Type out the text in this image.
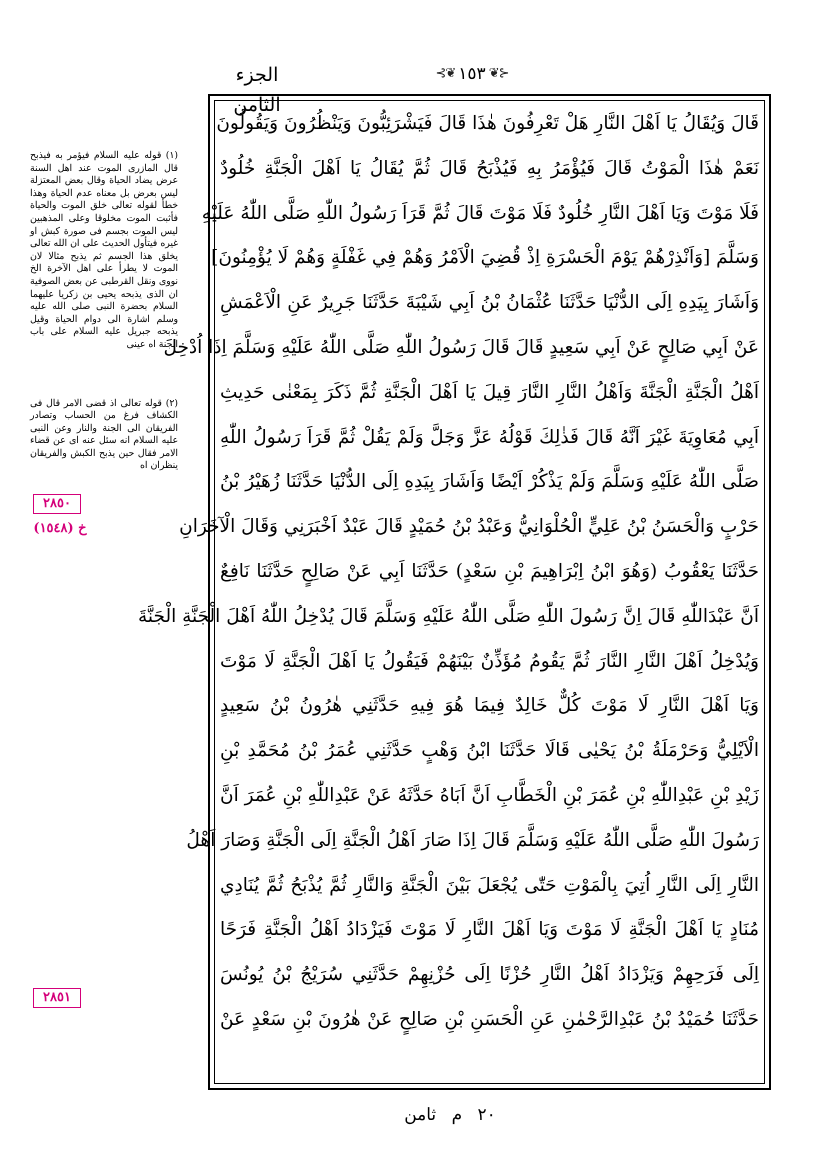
الجزء الثامن
⊰❦ ١٥٣ ❦⊱

(١) قوله عليه السلام فيؤمر به فيذبح قال المازرى الموت عند اهل السنة عرض يضاد الحياة وقال بعض المعتزلة ليس بعرض بل معناه عدم الحياة وهذا خطأ لقوله تعالى خلق الموت والحياة فأثبت الموت مخلوقا وعلى المذهبين ليس الموت بجسم فى صورة كبش او غيره فيتأول الحديث على ان الله تعالى يخلق هذا الجسم ثم يذبح مثالا لان الموت لا يطرأ على اهل الآخرة الخ نووى ونقل القرطبى عن بعض الصوفية ان الذى يذبحه يحيى بن زكريا عليهما السلام بحضرة النبى صلى الله عليه وسلم اشارة الى دوام الحياة وقيل يذبحه جبريل عليه السلام على باب الجنة اه عينى

(٢) قوله تعالى اذ قضى الامر قال فى الكشاف فرغ من الحساب وتصادر الفريقان الى الجنة والنار وعن النبى عليه السلام انه سئل عنه اى عن قضاء الامر فقال حين يذبح الكبش والفريقان ينظران اه

٢٨٥٠
خ (١٥٤٨)
٢٨٥١
قَالَ وَيُقَالُ يَا اَهْلَ النَّارِ هَلْ تَعْرِفُونَ هٰذَا قَالَ فَيَشْرَئِبُّونَ وَيَنْظُرُونَ وَيَقُولُونَ
نَعَمْ هٰذَا الْمَوْتُ قَالَ فَيُؤْمَرُ بِهِ فَيُذْبَحُ قَالَ ثُمَّ يُقَالُ يَا اَهْلَ الْجَنَّةِ خُلُودٌ
فَلَا مَوْتَ وَيَا اَهْلَ النَّارِ خُلُودٌ فَلَا مَوْتَ قَالَ ثُمَّ قَرَاَ رَسُولُ اللّٰهِ صَلَّى اللّٰهُ عَلَيْهِ
وَسَلَّمَ [وَاَنْذِرْهُمْ يَوْمَ الْحَسْرَةِ اِذْ قُضِيَ الْاَمْرُ وَهُمْ فِي غَفْلَةٍ وَهُمْ لَا يُؤْمِنُونَ]
وَاَشَارَ بِيَدِهِ اِلَى الدُّنْيَا حَدَّثَنَا عُثْمَانُ بْنُ اَبِي شَيْبَةَ حَدَّثَنَا جَرِيرٌ عَنِ الْاَعْمَشِ
عَنْ اَبِي صَالِحٍ عَنْ اَبِي سَعِيدٍ قَالَ قَالَ رَسُولُ اللّٰهِ صَلَّى اللّٰهُ عَلَيْهِ وَسَلَّمَ اِذَا اُدْخِلَ
اَهْلُ الْجَنَّةِ الْجَنَّةَ وَاَهْلُ النَّارِ النَّارَ قِيلَ يَا اَهْلَ الْجَنَّةِ ثُمَّ ذَكَرَ بِمَعْنٰى حَدِيثِ
اَبِي مُعَاوِيَةَ غَيْرَ اَنَّهُ قَالَ فَذٰلِكَ قَوْلُهُ عَزَّ وَجَلَّ وَلَمْ يَقُلْ ثُمَّ قَرَاَ رَسُولُ اللّٰهِ
صَلَّى اللّٰهُ عَلَيْهِ وَسَلَّمَ وَلَمْ يَذْكُرْ اَيْضًا وَاَشَارَ بِيَدِهِ اِلَى الدُّنْيَا حَدَّثَنَا زُهَيْرُ بْنُ
حَرْبٍ وَالْحَسَنُ بْنُ عَلِيٍّ الْحُلْوَانِيُّ وَعَبْدُ بْنُ حُمَيْدٍ قَالَ عَبْدٌ اَخْبَرَنِي وَقَالَ الْآخَرَانِ
حَدَّثَنَا يَعْقُوبُ (وَهُوَ ابْنُ اِبْرَاهِيمَ بْنِ سَعْدٍ) حَدَّثَنَا اَبِي عَنْ صَالِحٍ حَدَّثَنَا نَافِعٌ
اَنَّ عَبْدَاللّٰهِ قَالَ اِنَّ رَسُولَ اللّٰهِ صَلَّى اللّٰهُ عَلَيْهِ وَسَلَّمَ قَالَ يُدْخِلُ اللّٰهُ اَهْلَ الْجَنَّةِ الْجَنَّةَ
وَيُدْخِلُ اَهْلَ النَّارِ النَّارَ ثُمَّ يَقُومُ مُؤَذِّنٌ بَيْنَهُمْ فَيَقُولُ يَا اَهْلَ الْجَنَّةِ لَا مَوْتَ
وَيَا اَهْلَ النَّارِ لَا مَوْتَ كُلٌّ خَالِدٌ فِيمَا هُوَ فِيهِ حَدَّثَنِي هٰرُونُ بْنُ سَعِيدٍ
الْاَيْلِيُّ وَحَرْمَلَةُ بْنُ يَحْيٰى قَالَا حَدَّثَنَا ابْنُ وَهْبٍ حَدَّثَنِي عُمَرُ بْنُ مُحَمَّدِ بْنِ
زَيْدِ بْنِ عَبْدِاللّٰهِ بْنِ عُمَرَ بْنِ الْخَطَّابِ اَنَّ اَبَاهُ حَدَّثَهُ عَنْ عَبْدِاللّٰهِ بْنِ عُمَرَ اَنَّ
رَسُولَ اللّٰهِ صَلَّى اللّٰهُ عَلَيْهِ وَسَلَّمَ قَالَ اِذَا صَارَ اَهْلُ الْجَنَّةِ اِلَى الْجَنَّةِ وَصَارَ اَهْلُ
النَّارِ اِلَى النَّارِ اُتِيَ بِالْمَوْتِ حَتّٰى يُجْعَلَ بَيْنَ الْجَنَّةِ وَالنَّارِ ثُمَّ يُذْبَحُ ثُمَّ يُنَادِي
مُنَادٍ يَا اَهْلَ الْجَنَّةِ لَا مَوْتَ وَيَا اَهْلَ النَّارِ لَا مَوْتَ فَيَزْدَادُ اَهْلُ الْجَنَّةِ فَرَحًا
اِلَى فَرَحِهِمْ وَيَزْدَادُ اَهْلُ النَّارِ حُزْنًا اِلَى حُزْنِهِمْ حَدَّثَنِي سُرَيْجُ بْنُ يُونُسَ
حَدَّثَنَا حُمَيْدُ بْنُ عَبْدِالرَّحْمٰنِ عَنِ الْحَسَنِ بْنِ صَالِحٍ عَنْ هٰرُونَ بْنِ سَعْدٍ عَنْ
٢٠ م ثامن
